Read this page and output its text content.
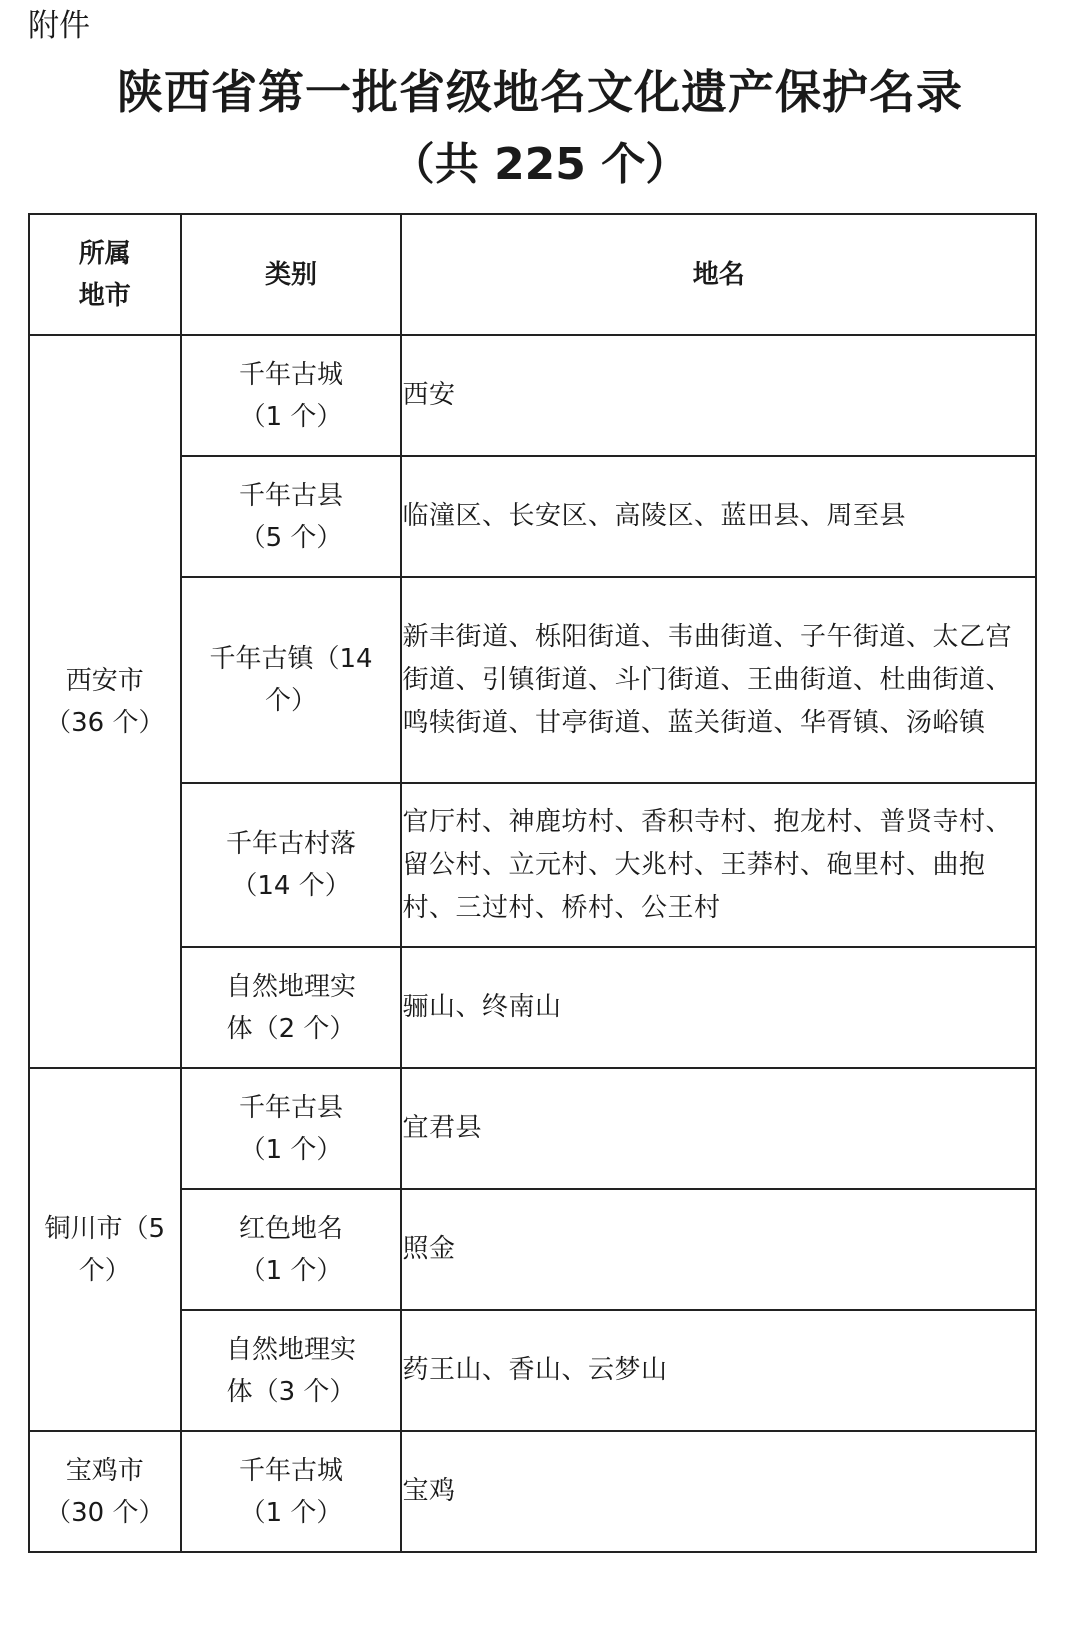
附件
陕西省第一批省级地名文化遗产保护名录
（共 225 个）
所属地市	类别	地名
西安市（36 个）	千年古城（1 个）	西安
	千年古县（5 个）	临潼区、长安区、高陵区、蓝田县、周至县
	千年古镇（14 个）	新丰街道、栎阳街道、韦曲街道、子午街道、太乙宫街道、引镇街道、斗门街道、王曲街道、杜曲街道、鸣犊街道、甘亭街道、蓝关街道、华胥镇、汤峪镇
	千年古村落（14 个）	官厅村、神鹿坊村、香积寺村、抱龙村、普贤寺村、留公村、立元村、大兆村、王莽村、砲里村、曲抱村、三过村、桥村、公王村
	自然地理实体（2 个）	骊山、终南山
铜川市（5 个）	千年古县（1 个）	宜君县
	红色地名（1 个）	照金
	自然地理实体（3 个）	药王山、香山、云梦山
宝鸡市（30 个）	千年古城（1 个）	宝鸡
